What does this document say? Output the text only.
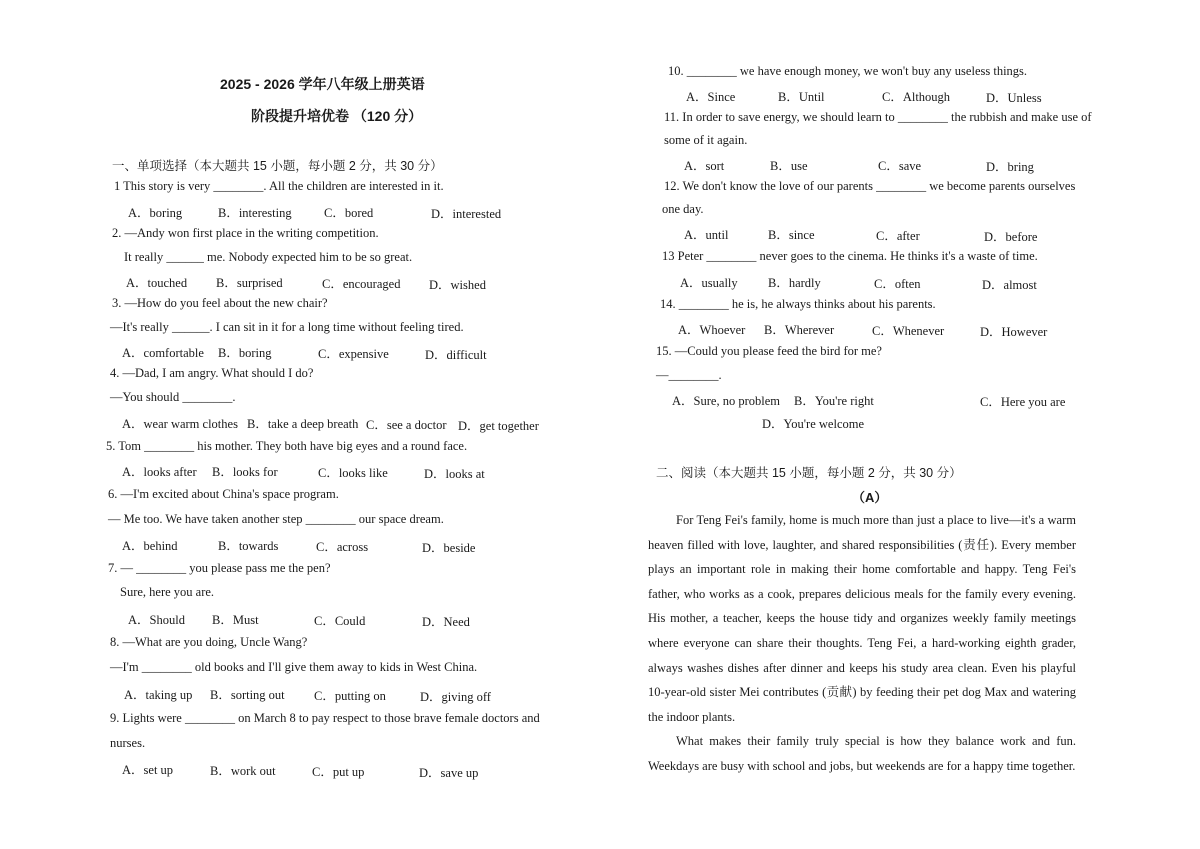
2025 - 2026 学年八年级上册英语
阶段提升培优卷 （120 分）
一、单项选择（本大题共 15 小题，每小题 2 分，共 30 分）
1 This story is very ________. All the children are interested in it.
A．boring	B．interesting	C．bored	D．interested
2. —Andy won first place in the writing competition.
It really ______ me. Nobody expected him to be so great.
A．touched B．surprised	C．encouraged D．wished
3. —How do you feel about the new chair?
—It's really ______. I can sit in it for a long time without feeling tired.
A．comfortable B．boring	C．expensive	D．difficult
4. —Dad, I am angry. What should I do?
—You should ________.
A．wear warm clothes B．take a deep breath C．see a doctor D．get together
5. Tom ________ his mother. They both have big eyes and a round face.
A．looks after B．looks for	C．looks like	D．looks at
6. —I'm excited about China's space program.
— Me too. We have taken another step ________ our space dream.
A．behind	B．towards	C．across	D．beside
7. — ________ you please pass me the pen?
Sure, here you are.
A．Should B．Must	C．Could	D．Need
8. —What are you doing, Uncle Wang?
—I'm ________ old books and I'll give them away to kids in West China.
A．taking up B．sorting out C．putting on	D．giving off
9. Lights were ________ on March 8 to pay respect to those brave female doctors and
nurses.
A．set up	B．work out	C．put up	D．save up
10. ________ we have enough money, we won't buy any useless things.
A．Since	B．Until	C．Although	D．Unless
11. In order to save energy, we should learn to ________ the rubbish and make use of
some of it again.
A．sort	B．use	C．save	D．bring
12. We don't know the love of our parents ________ we become parents ourselves
one day.
A．until	B．since	C．after	D．before
13 Peter ________ never goes to the cinema. He thinks it's a waste of time.
A．usually B．hardly	C．often	D．almost
14. ________ he is, he always thinks about his parents.
A．Whoever B．Wherever	C．Whenever	D．However
15. —Could you please feed the bird for me?
—________.
A．Sure, no problem B．You're right	C．Here you are
D．You're welcome
二、阅读（本大题共 15 小题，每小题 2 分，共 30 分）
（A）

For Teng Fei's family, home is much more than just a place to live—it's a warm heaven filled with love, laughter, and shared responsibilities (责任). Every member plays an important role in making their home comfortable and happy. Teng Fei's father, who works as a cook, prepares delicious meals for the family every evening. His mother, a teacher, keeps the house tidy and organizes weekly family meetings where everyone can share their thoughts. Teng Fei, a hard-working eighth grader, always washes dishes after dinner and keeps his study area clean. Even his playful 10-year-old sister Mei contributes (贡献) by feeding their pet dog Max and watering the indoor plants.

What makes their family truly special is how they balance work and fun. Weekdays are busy with school and jobs, but weekends are for a happy time together.
